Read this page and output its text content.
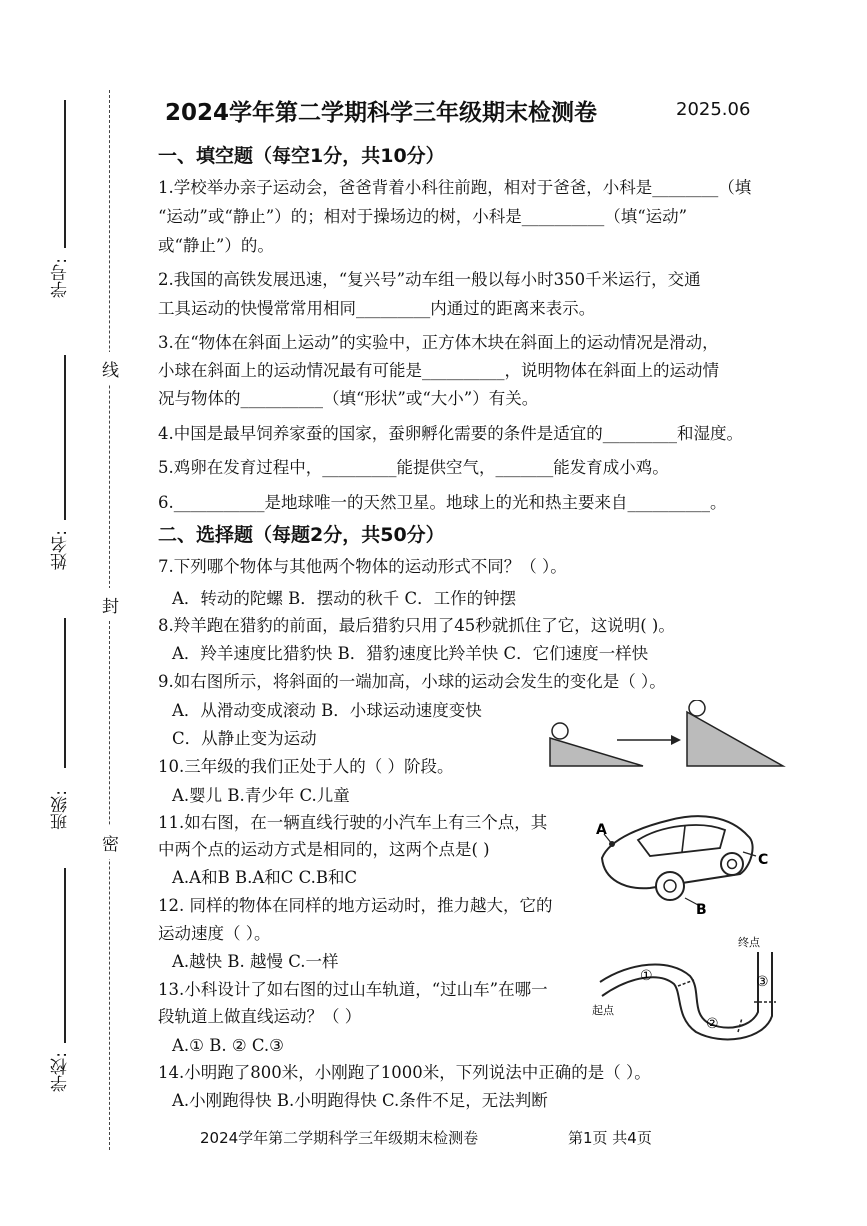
学号:
姓名:
班级:
学校:
线
封
密
2024学年第二学期科学三年级期末检测卷	2025.06
一、填空题（每空1分，共10分）
1.学校举办亲子运动会，爸爸背着小科往前跑，相对于爸爸，小科是________（填
“运动”或“静止”）的；相对于操场边的树，小科是__________（填“运动”
或“静止”）的。
2.我国的高铁发展迅速，“复兴号”动车组一般以每小时350千米运行，交通
工具运动的快慢常常用相同_________内通过的距离来表示。
3.在“物体在斜面上运动”的实验中，正方体木块在斜面上的运动情况是滑动，
小球在斜面上的运动情况最有可能是__________，说明物体在斜面上的运动情
况与物体的__________（填“形状”或“大小”）有关。
4.中国是最早饲养家蚕的国家，蚕卵孵化需要的条件是适宜的_________和湿度。
5.鸡卵在发育过程中，_________能提供空气，_______能发育成小鸡。
6.___________是地球唯一的天然卫星。地球上的光和热主要来自__________。
二、选择题（每题2分，共50分）
7.下列哪个物体与其他两个物体的运动形式不同？（ ）。
A．转动的陀螺 B．摆动的秋千 C．工作的钟摆
8.羚羊跑在猎豹的前面，最后猎豹只用了45秒就抓住了它，这说明( )。
A．羚羊速度比猎豹快 B．猎豹速度比羚羊快 C．它们速度一样快
9.如右图所示，将斜面的一端加高，小球的运动会发生的变化是（ ）。
A．从滑动变成滚动 B．小球运动速度变快
C．从静止变为运动
10.三年级的我们正处于人的（ ）阶段。
A.婴儿 B.青少年 C.儿童
11.如右图，在一辆直线行驶的小汽车上有三个点，其
中两个点的运动方式是相同的，这两个点是( )
A.A和B B.A和C C.B和C
12. 同样的物体在同样的地方运动时，推力越大，它的
运动速度（ ）。
A.越快 B. 越慢 C.一样
13.小科设计了如右图的过山车轨道，“过山车”在哪一
段轨道上做直线运动？（ ）
A.① B. ② C.③
14.小明跑了800米，小刚跑了1000米，下列说法中正确的是（ ）。
A.小刚跑得快 B.小明跑得快 C.条件不足，无法判断
A
B
C
终点
起点
①
②
③
2024学年第二学期科学三年级期末检测卷	第1页 共4页
